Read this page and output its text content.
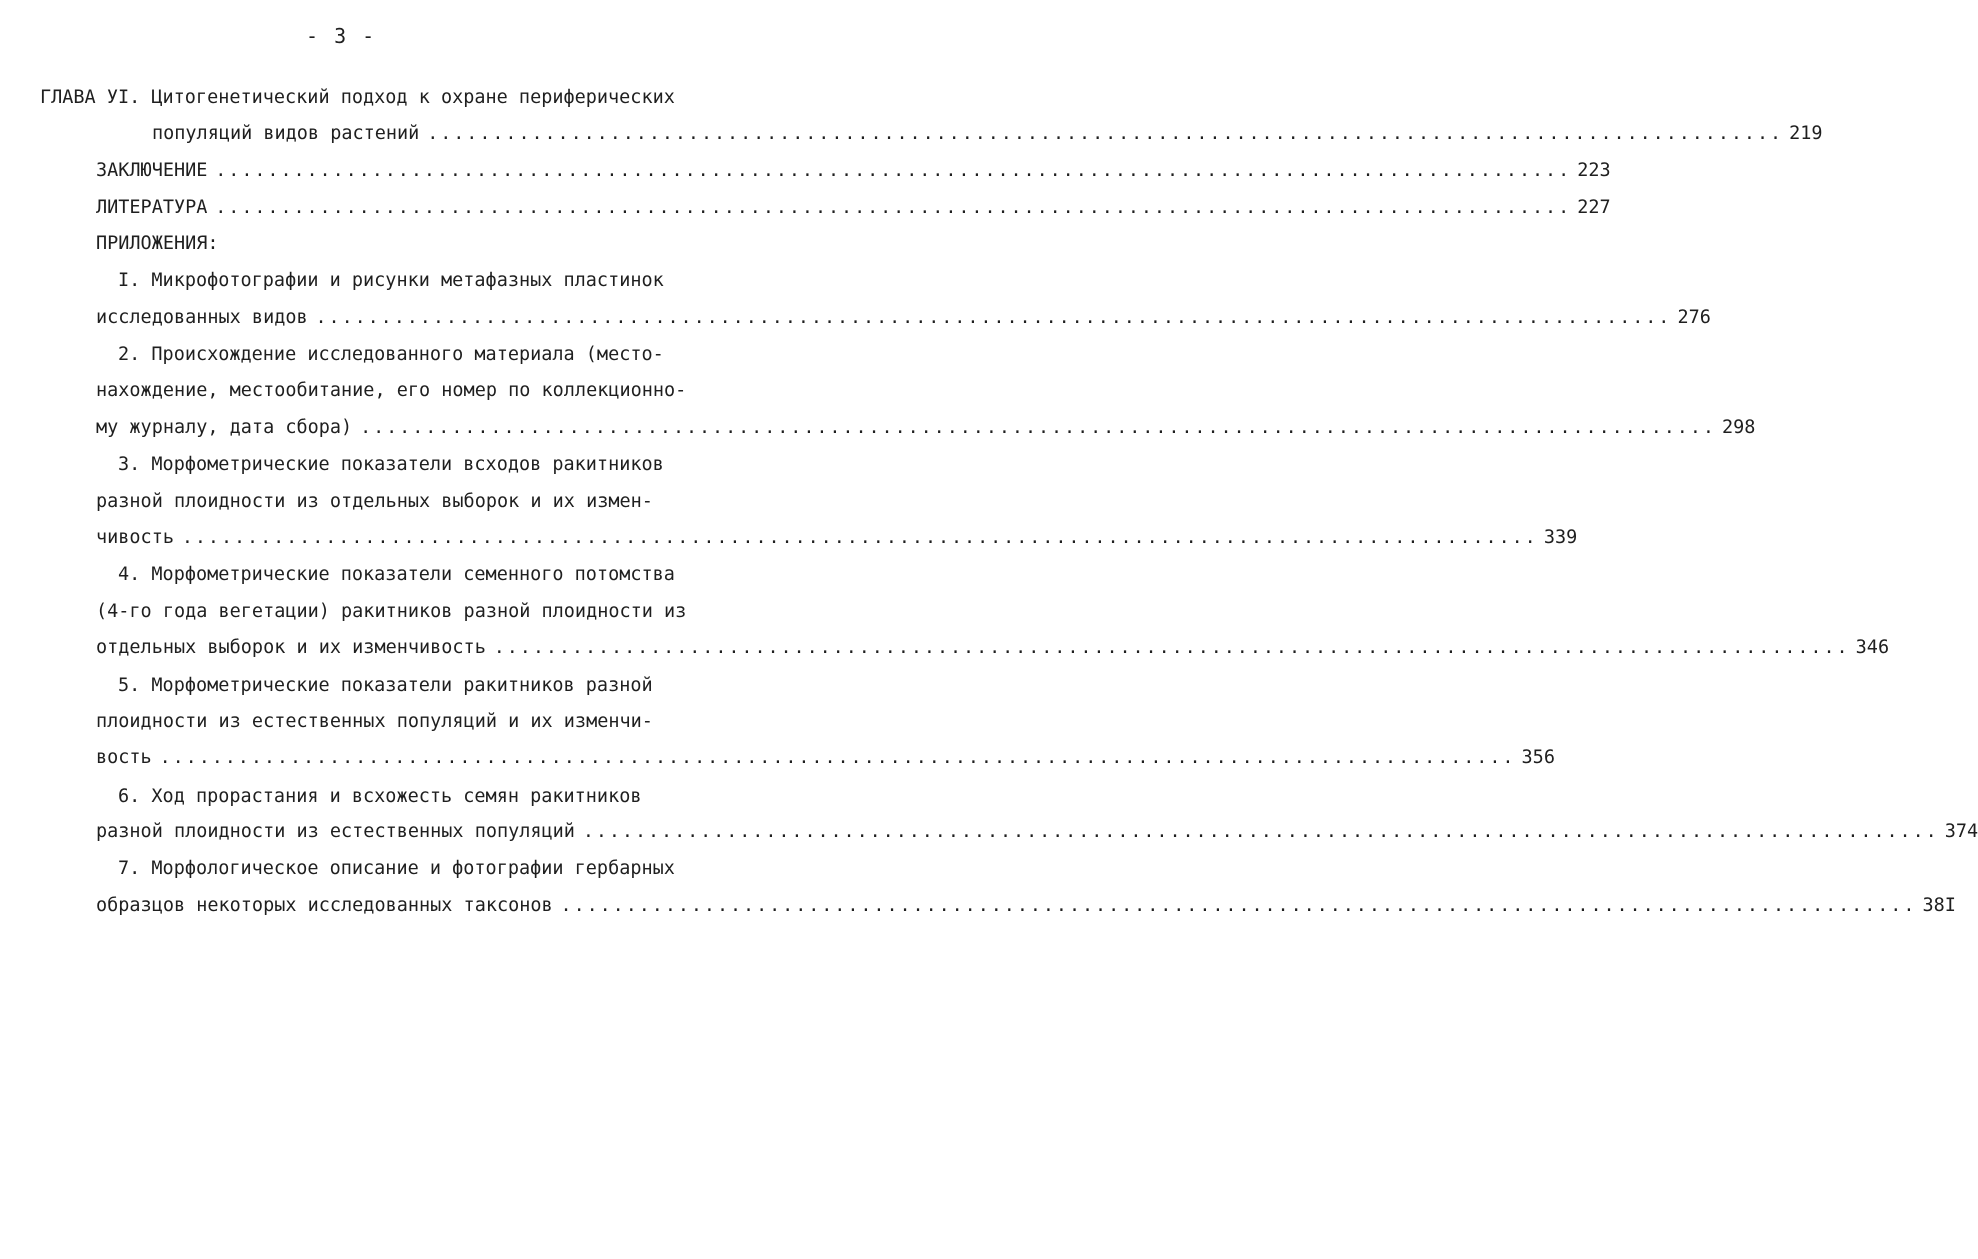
- 3 -
ГЛАВА УI. Цитогенетический подход к охране периферических
популяций видов растений ........................................................................................................ 219
ЗАКЛЮЧЕНИЕ ........................................................................................................ 223
ЛИТЕРАТУРА ........................................................................................................ 227
ПРИЛОЖЕНИЯ:
I. Микрофотографии и рисунки метафазных пластинок
исследованных видов ........................................................................................................ 276
2. Происхождение исследованного материала (место-
нахождение, местообитание, его номер по коллекционно-
му журналу, дата сбора) ........................................................................................................ 298
3. Морфометрические показатели всходов ракитников
разной плоидности из отдельных выборок и их измен-
чивость ........................................................................................................ 339
4. Морфометрические показатели семенного потомства
(4-го года вегетации) ракитников разной плоидности из
отдельных выборок и их изменчивость ........................................................................................................ 346
5. Морфометрические показатели ракитников разной
плоидности из естественных популяций и их изменчи-
вость ........................................................................................................ 356
6. Ход прорастания и всхожесть семян ракитников
разной плоидности из естественных популяций ........................................................................................................ 374
7. Морфологическое описание и фотографии гербарных
образцов некоторых исследованных таксонов ........................................................................................................ 38I
